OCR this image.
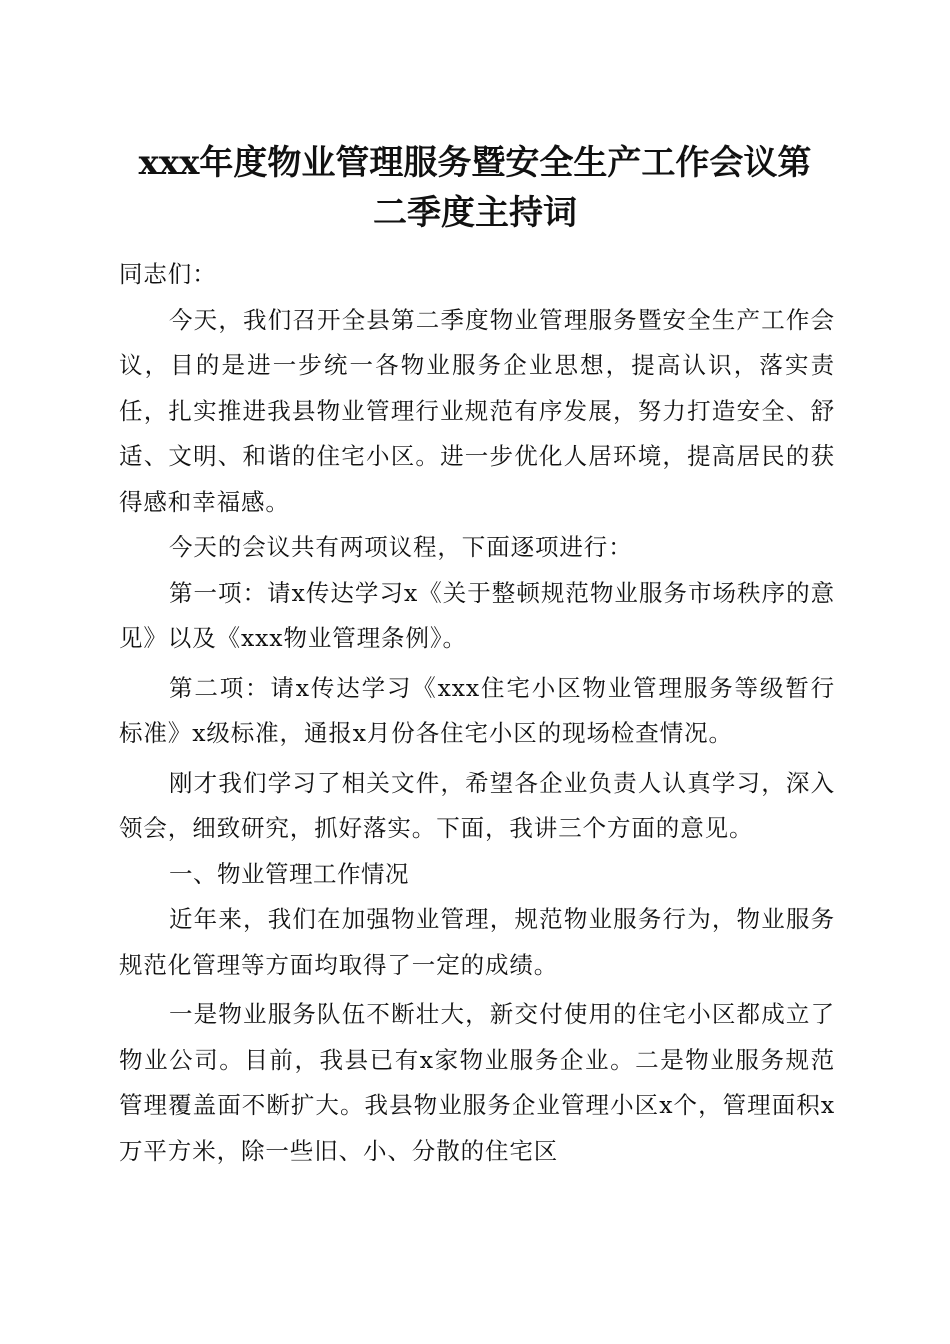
xxx年度物业管理服务暨安全生产工作会议第
二季度主持词

同志们：

今天，我们召开全县第二季度物业管理服务暨安全生产工作会议，目的是进一步统一各物业服务企业思想，提高认识，落实责任，扎实推进我县物业管理行业规范有序发展，努力打造安全、舒适、文明、和谐的住宅小区。进一步优化人居环境，提高居民的获得感和幸福感。

今天的会议共有两项议程，下面逐项进行：

第一项：请x传达学习x《关于整顿规范物业服务市场秩序的意见》以及《xxx物业管理条例》。

第二项：请x传达学习《xxx住宅小区物业管理服务等级暂行标准》x级标准，通报x月份各住宅小区的现场检查情况。

刚才我们学习了相关文件，希望各企业负责人认真学习，深入领会，细致研究，抓好落实。下面，我讲三个方面的意见。

一、物业管理工作情况

近年来，我们在加强物业管理，规范物业服务行为，物业服务规范化管理等方面均取得了一定的成绩。

一是物业服务队伍不断壮大，新交付使用的住宅小区都成立了物业公司。目前，我县已有x家物业服务企业。二是物业服务规范管理覆盖面不断扩大。我县物业服务企业管理小区x个，管理面积x万平方米，除一些旧、小、分散的住宅区
